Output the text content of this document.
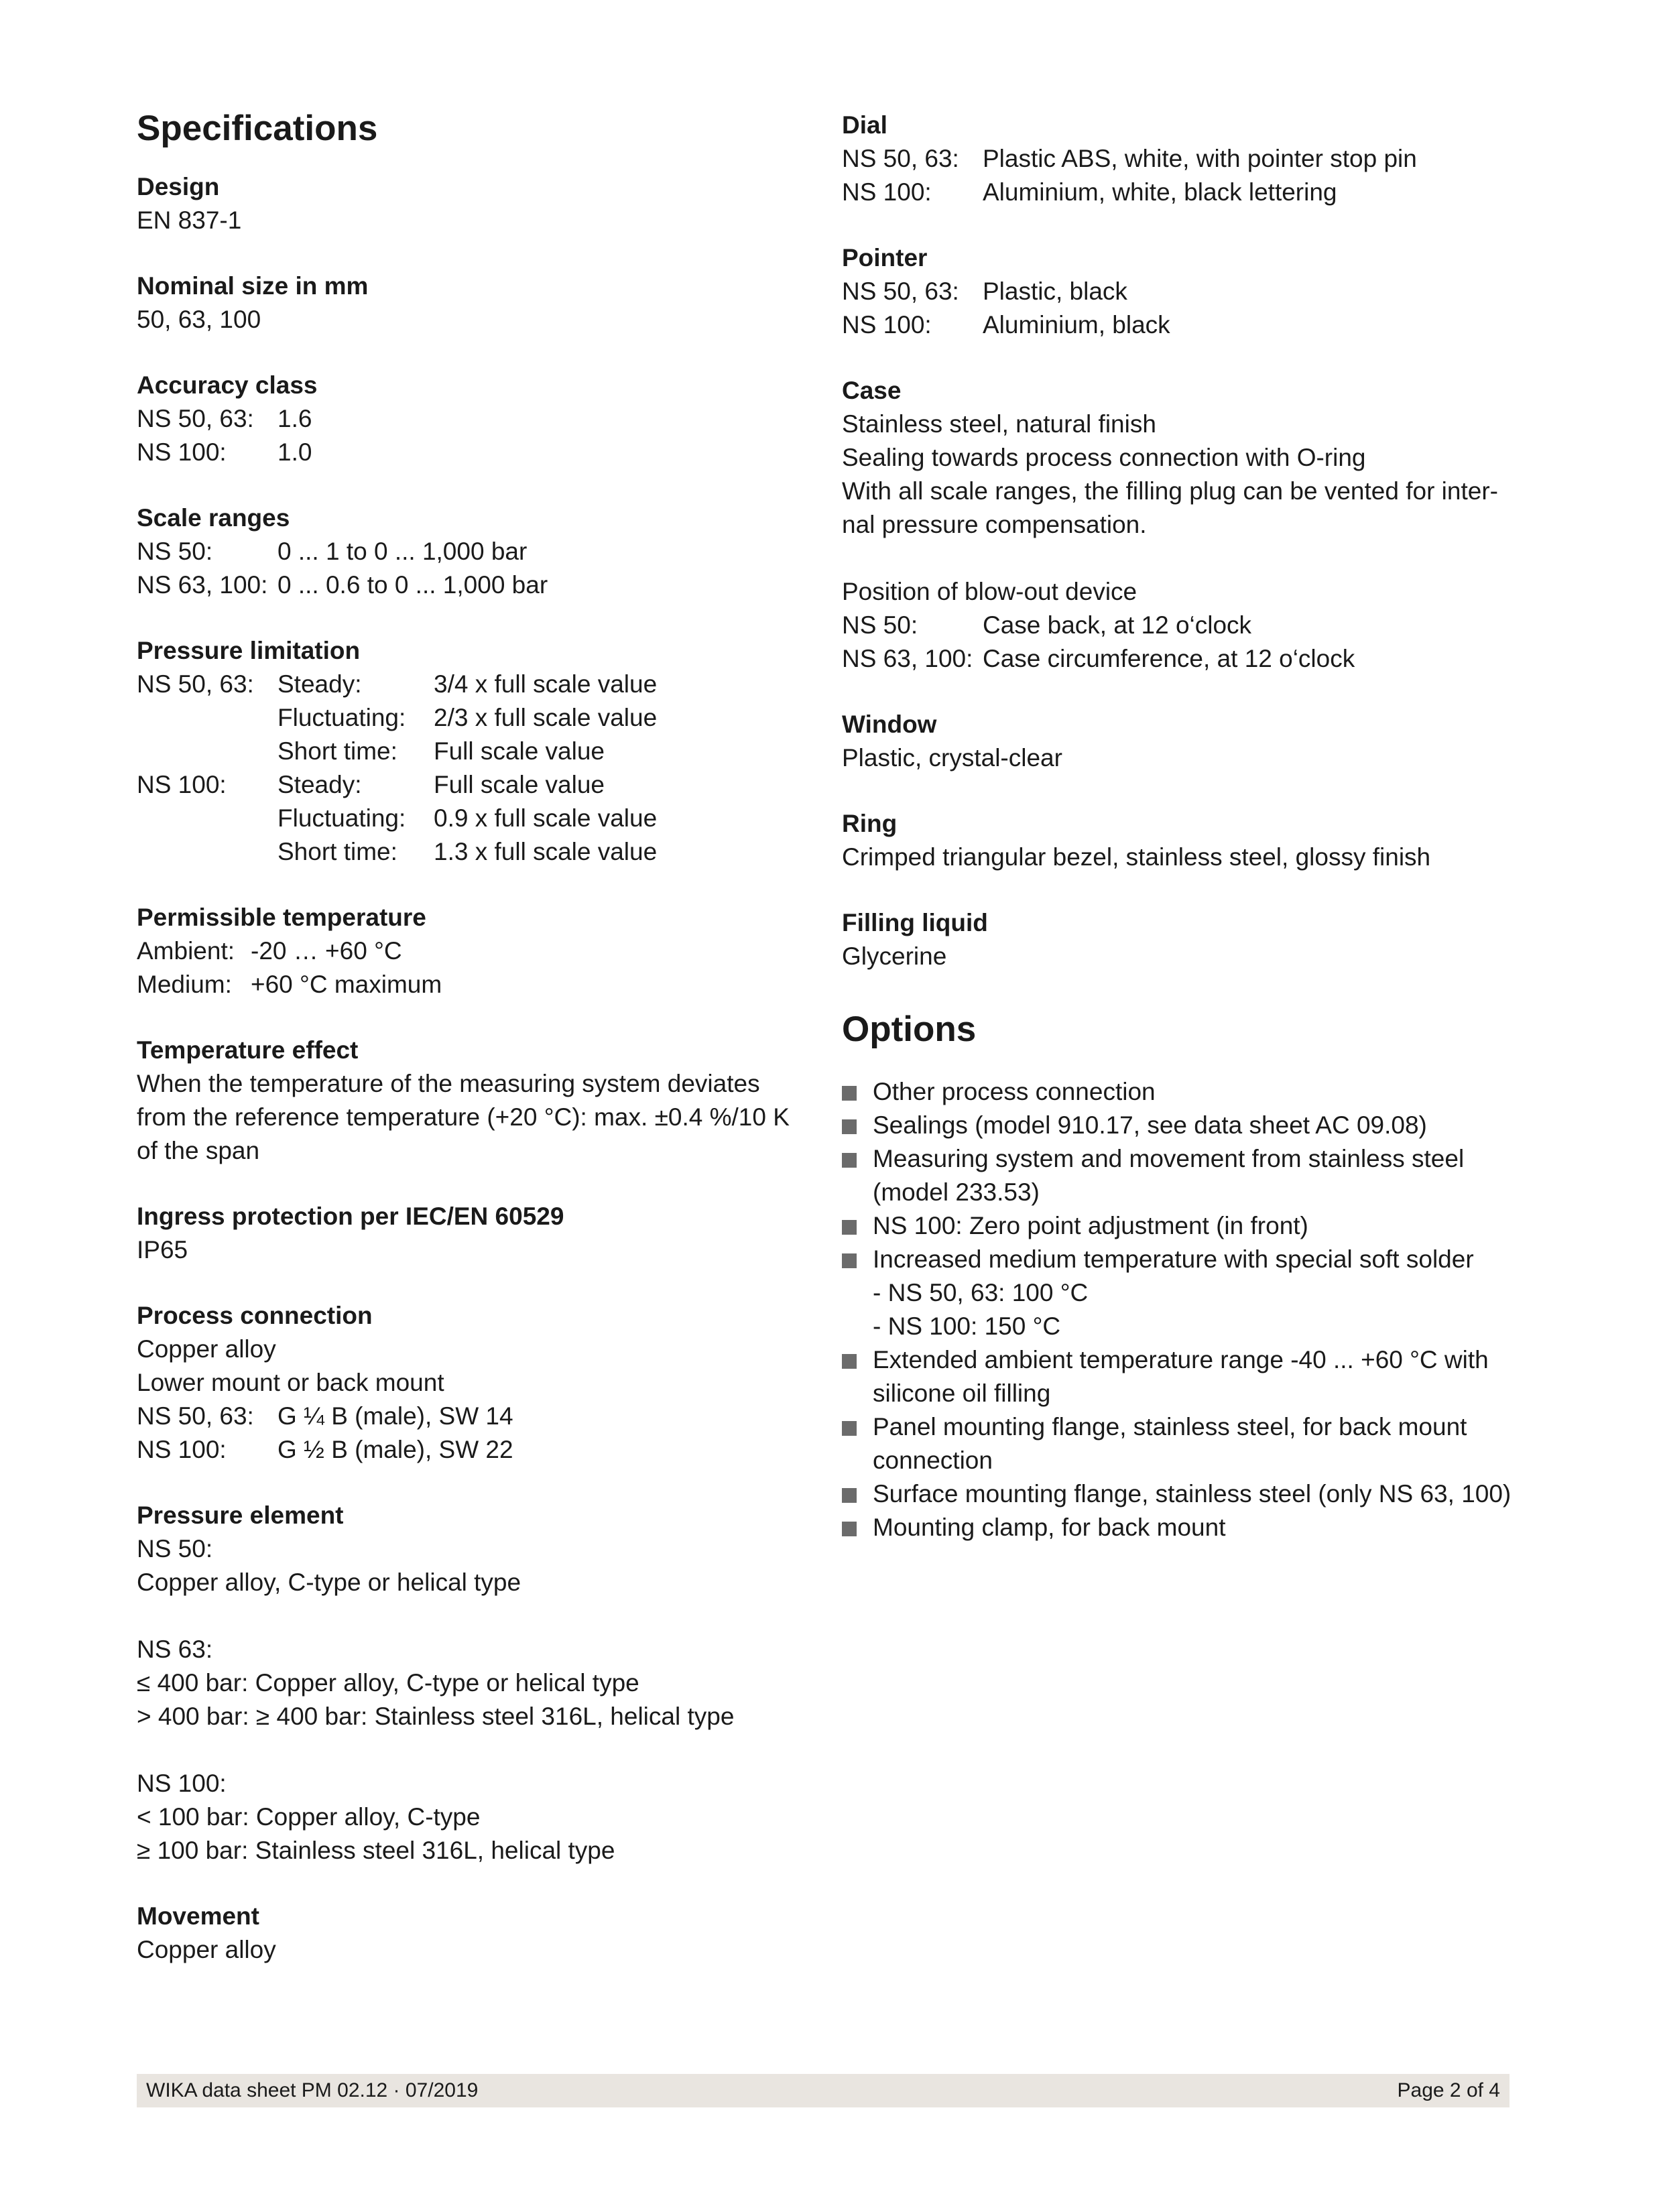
Specifications
Design

EN 837-1

Nominal size in mm

50, 63, 100

Accuracy class
NS 50, 63: 1.6
NS 100:	1.0
Scale ranges
NS 50:	0 ... 1 to 0 ... 1,000 bar
NS 63, 100: 0 ... 0.6 to 0 ... 1,000 bar
Pressure limitation
NS 50, 63: Steady:	3/4 x full scale value
Fluctuating:	2/3 x full scale value
Short time:	Full scale value
NS 100:	Steady:	Full scale value
Fluctuating:	0.9 x full scale value
Short time:	1.3 x full scale value
Permissible temperature
Ambient: -20 … +60 °C
Medium: +60 °C maximum
Temperature effect

When the temperature of the measuring system deviates

from the reference temperature (+20 °C): max. ±0.4 %/10 K

of the span

Ingress protection per IEC/EN 60529

IP65

Process connection

Copper alloy

Lower mount or back mount

NS 50, 63: G ¼ B (male), SW 14
NS 100:	G ½ B (male), SW 22
Pressure element

NS 50:

Copper alloy, C-type or helical type

NS 63:

≤ 400 bar: Copper alloy, C-type or helical type

> 400 bar: ≥ 400 bar: Stainless steel 316L, helical type

NS 100:

< 100 bar: Copper alloy, C-type

≥ 100 bar: Stainless steel 316L, helical type

Movement

Copper alloy

Dial
NS 50, 63: Plastic ABS, white, with pointer stop pin
NS 100:	Aluminium, white, black lettering
Pointer
NS 50, 63: Plastic, black
NS 100:	Aluminium, black
Case

Stainless steel, natural finish

Sealing towards process connection with O-ring

With all scale ranges, the filling plug can be vented for inter-

nal pressure compensation.

Position of blow-out device

NS 50:	Case back, at 12 o‘clock
NS 63, 100: Case circumference, at 12 o‘clock
Window

Plastic, crystal-clear

Ring

Crimped triangular bezel, stainless steel, glossy finish

Filling liquid

Glycerine

Options
Other process connection
Sealings (model 910.17, see data sheet AC 09.08)
Measuring system and movement from stainless steel
(model 233.53)
NS 100: Zero point adjustment (in front)
Increased medium temperature with special soft solder
- NS 50, 63: 100 °C
- NS 100: 150 °C
Extended ambient temperature range -40 ... +60 °C with
silicone oil filling
Panel mounting flange, stainless steel, for back mount
connection
Surface mounting flange, stainless steel (only NS 63, 100)
Mounting clamp, for back mount
WIKA data sheet PM 02.12 · 07/2019	Page 2 of 4
